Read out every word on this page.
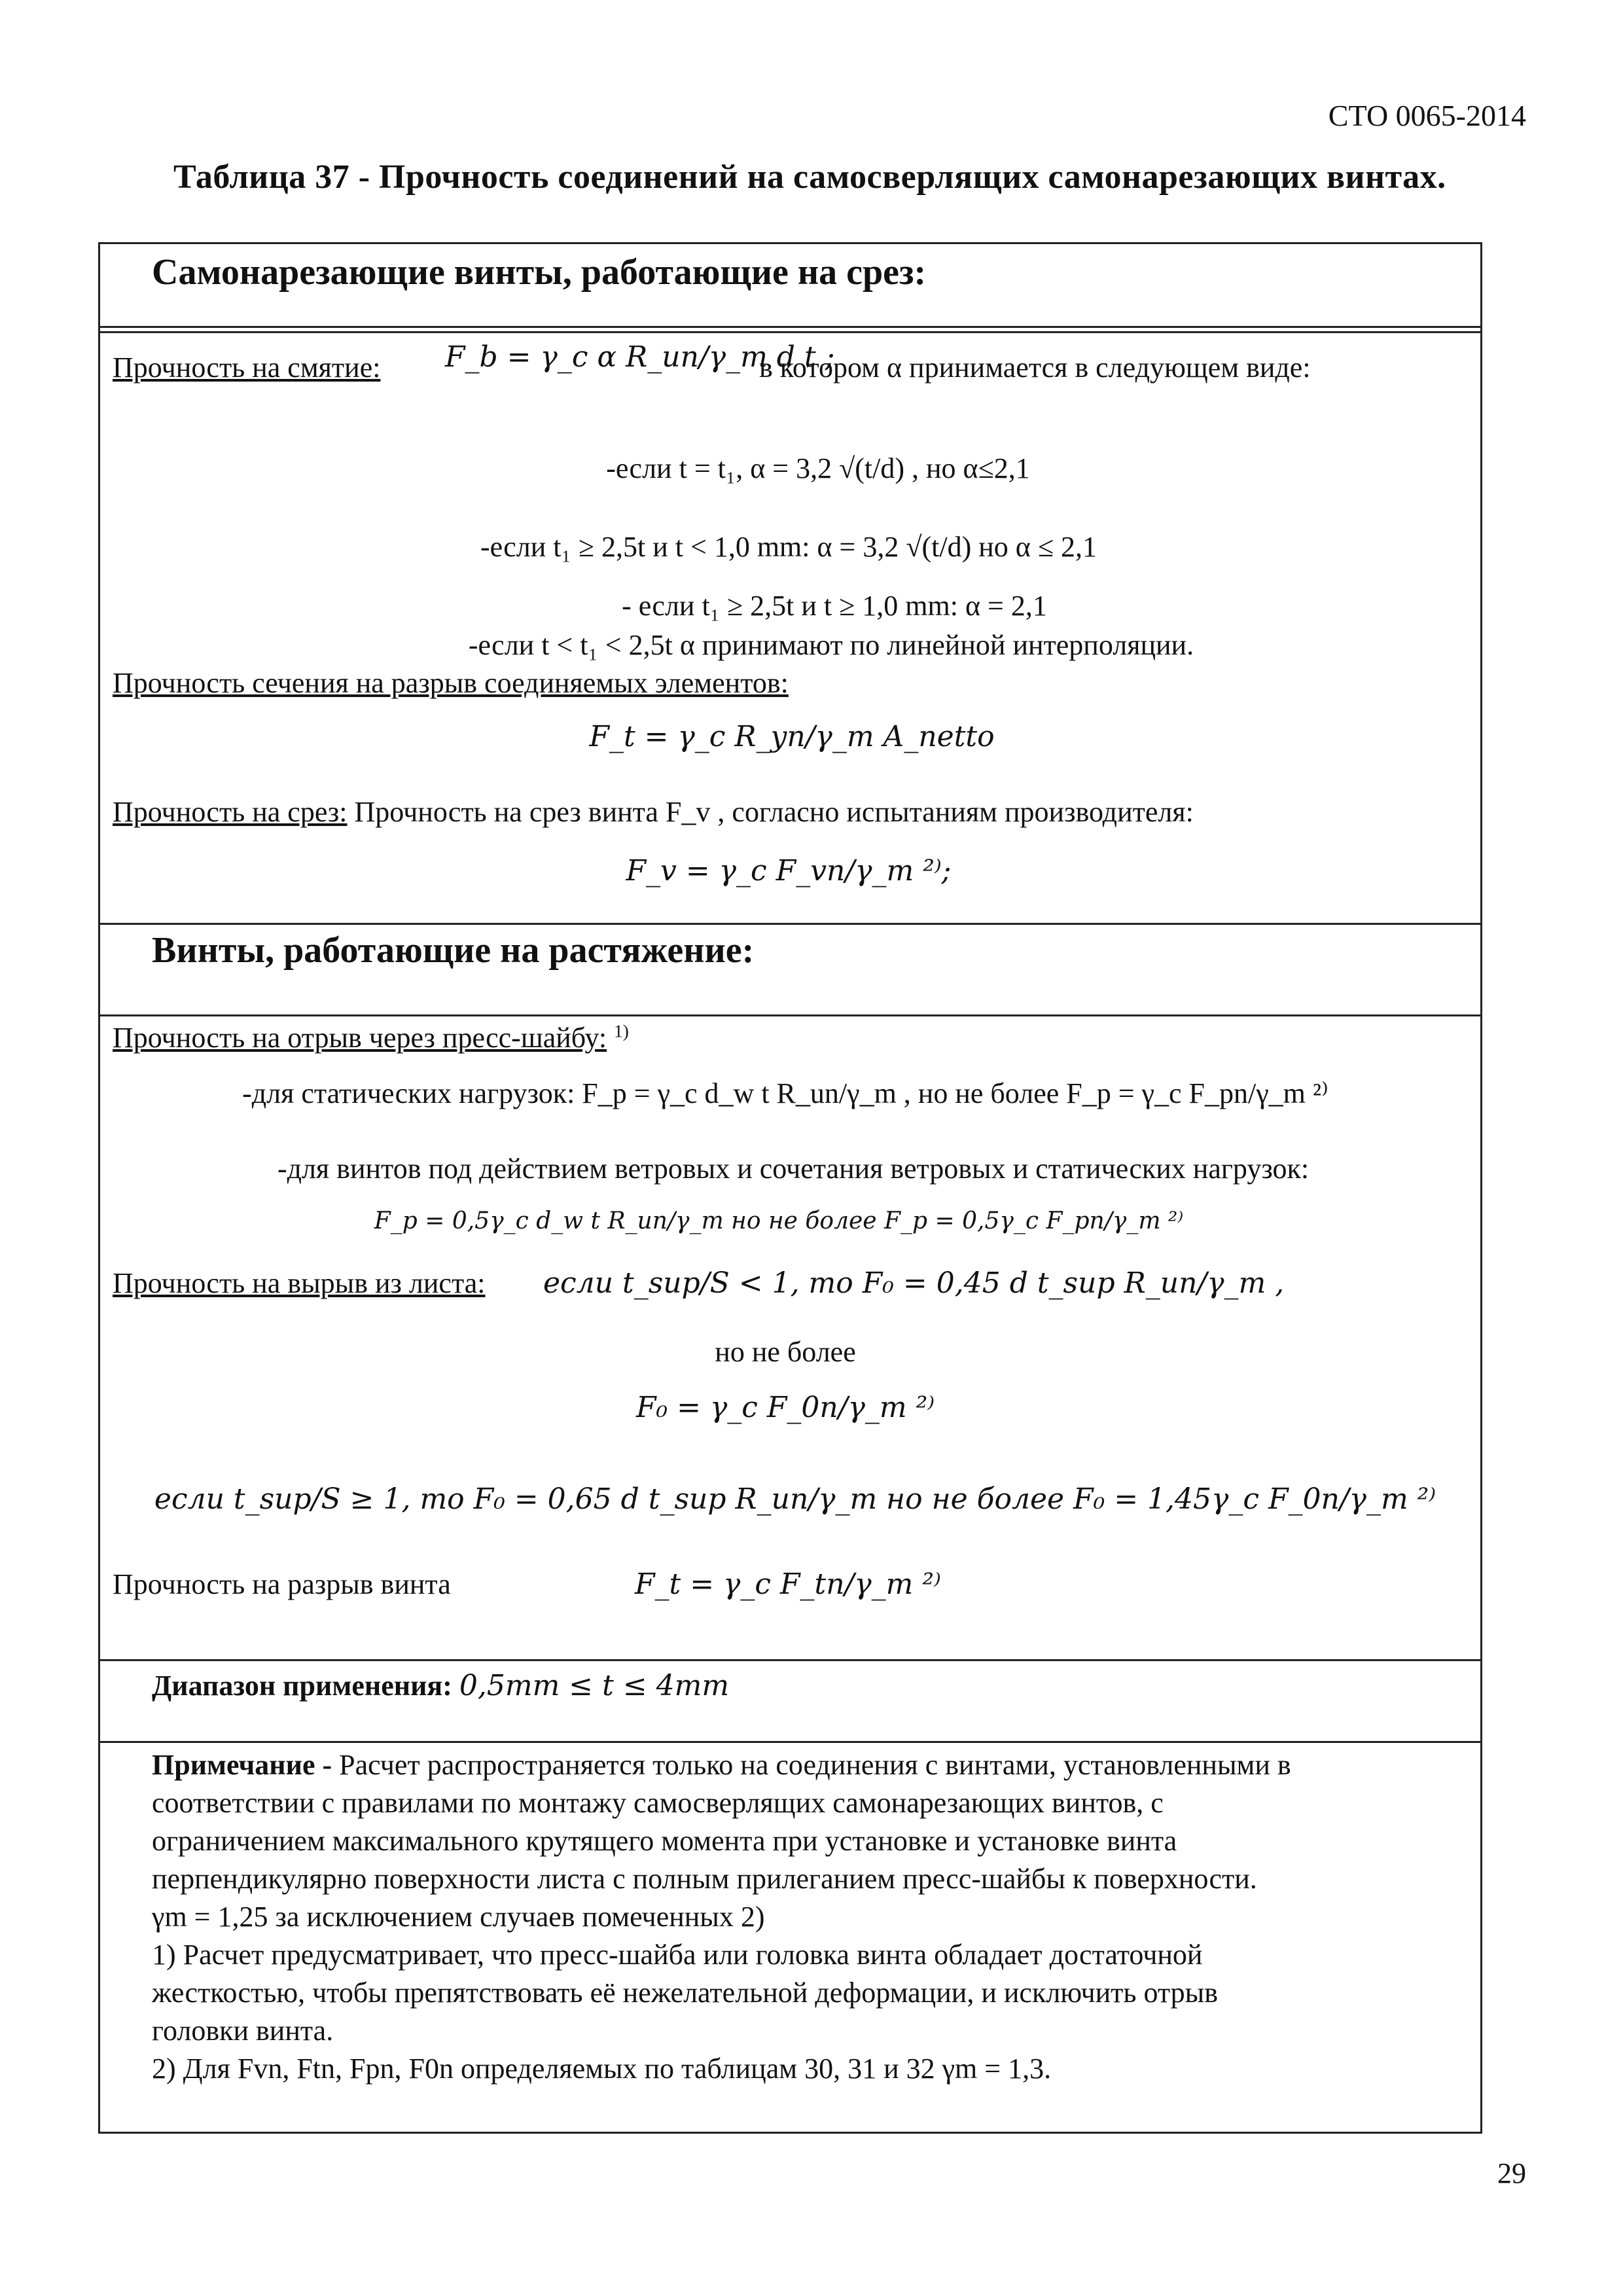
СТО 0065-2014
Таблица 37 - Прочность соединений на самосверлящих самонарезающих винтах.
Самонарезающие винты, работающие на срез:
Прочность на смятие: F_b = γ_c α R_un/γ_m d t ;
в котором α принимается в следующем виде:
-если t = t₁, α = 3,2 √(t/d) , но α≤2,1
-если t₁ ≥ 2,5t и t < 1,0 mm: α = 3,2 √(t/d) но α ≤ 2,1
- если t₁ ≥ 2,5t и t ≥ 1,0 mm: α = 2,1
-если t < t₁ < 2,5t α принимают по линейной интерполяции.
Прочность сечения на разрыв соединяемых элементов:
F_t = γ_c R_yn/γ_m A_netto
Прочность на срез: Прочность на срез винта F_v , согласно испытаниям производителя:
F_v = γ_c F_vn/γ_m ²⁾;
Винты, работающие на растяжение:
Прочность на отрыв через пресс-шайбу: $^{1)}$
-для статических нагрузок: F_p = γ_c d_w t R_un/γ_m , но не более F_p = γ_c F_pn/γ_m ²⁾
-для винтов под действием ветровых и сочетания ветровых и статических нагрузок:
F_p = 0,5γ_c d_w t R_un/γ_m но не более F_p = 0,5γ_c F_pn/γ_m ²⁾
Прочность на вырыв из листа: если t_sup/S < 1, то F₀ = 0,45 d t_sup R_un/γ_m ,
но не более
F₀ = γ_c F_0n/γ_m ²⁾
если t_sup/S ≥ 1, то F₀ = 0,65 d t_sup R_un/γ_m но не более F₀ = 1,45γ_c F_0n/γ_m ²⁾
Прочность на разрыв винта	F_t = γ_c F_tn/γ_m ²⁾
Диапазон применения: 0,5mm ≤ t ≤ 4mm
Примечание - Расчет распространяется только на соединения с винтами, установленными в
соответствии с правилами по монтажу самосверлящих самонарезающих винтов, с
ограничением максимального крутящего момента при установке и установке винта
перпендикулярно поверхности листа с полным прилеганием пресс-шайбы к поверхности.
γm = 1,25 за исключением случаев помеченных 2)
1) Расчет предусматривает, что пресс-шайба или головка винта обладает достаточной
жесткостью, чтобы препятствовать её нежелательной деформации, и исключить отрыв
головки винта.
2) Для Fvn, Ftn, Fpn, F0n определяемых по таблицам 30, 31 и 32 γm = 1,3.
29
